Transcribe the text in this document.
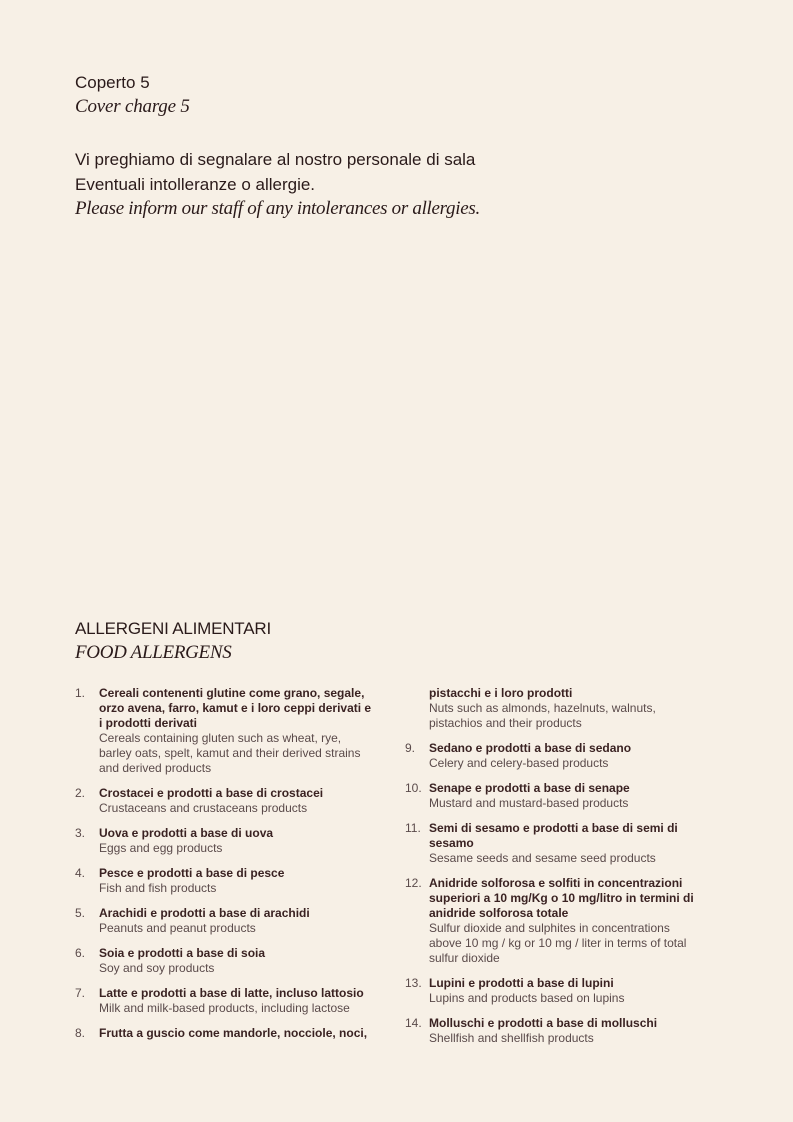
Coperto 5
Cover charge 5
Vi preghiamo di segnalare al nostro personale di sala
Eventuali intolleranze o allergie.
Please inform our staff of any intolerances or allergies.
ALLERGENI ALIMENTARI
FOOD ALLERGENS
1.	Cereali contenenti glutine come grano, segale, orzo avena, farro, kamut e i loro ceppi derivati e i prodotti derivati
Cereals containing gluten such as wheat, rye, barley oats, spelt, kamut and their derived strains and derived products
2.	Crostacei e prodotti a base di crostacei
Crustaceans and crustaceans products
3.	Uova e prodotti a base di uova
Eggs and egg products
4.	Pesce e prodotti a base di pesce
Fish and fish products
5.	Arachidi e prodotti a base di arachidi
Peanuts and peanut products
6.	Soia e prodotti a base di soia
Soy and soy products
7.	Latte e prodotti a base di latte, incluso lattosio
Milk and milk-based products, including lactose
8.	Frutta a guscio come mandorle, nocciole, noci,
pistacchi e i loro prodotti
Nuts such as almonds, hazelnuts, walnuts, pistachios and their products
9.	Sedano e prodotti a base di sedano
Celery and celery-based products
10. Senape e prodotti a base di senape
Mustard and mustard-based products
11. Semi di sesamo e prodotti a base di semi di sesamo
Sesame seeds and sesame seed products
12. Anidride solforosa e solfiti in concentrazioni superiori a 10 mg/Kg o 10 mg/litro in termini di anidride solforosa totale
Sulfur dioxide and sulphites in concentrations above 10 mg / kg or 10 mg / liter in terms of total sulfur dioxide
13. Lupini e prodotti a base di lupini
Lupins and products based on lupins
14. Molluschi e prodotti a base di molluschi
Shellfish and shellfish products
